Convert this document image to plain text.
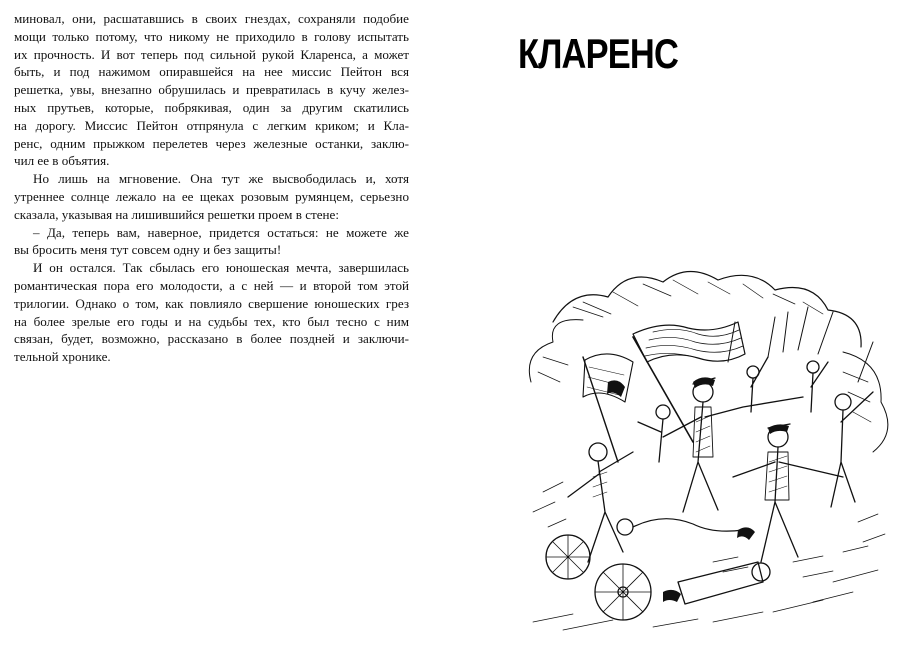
миновал, они, расшатавшись в своих гнездах, сохраняли подобие
мощи только потому, что никому не приходило в голову испытать
их прочность. И вот теперь под сильной рукой Кларенса, а может
быть, и под нажимом опиравшейся на нее миссис Пейтон вся
решетка, увы, внезапно обрушилась и превратилась в кучу желез-
ных прутьев, которые, побрякивая, один за другим скатились
на дорогу. Миссис Пейтон отпрянула с легким криком; и Кла-
ренс, одним прыжком перелетев через железные останки, заклю-
чил ее в объятия.
Но лишь на мгновение. Она тут же высвободилась и, хотя
утреннее солнце лежало на ее щеках розовым румянцем, серьезно
сказала, указывая на лишившийся решетки проем в стене:
– Да, теперь вам, наверное, придется остаться: не можете же
вы бросить меня тут совсем одну и без защиты!
И он остался. Так сбылась его юношеская мечта, завершилась
романтическая пора его молодости, а с ней — и второй том этой
трилогии. Однако о том, как повлияло свершение юношеских грез
на более зрелые его годы и на судьбы тех, кто был тесно с ним
связан, будет, возможно, рассказано в более поздней и заключи-
тельной хронике.
КЛАРЕНС
